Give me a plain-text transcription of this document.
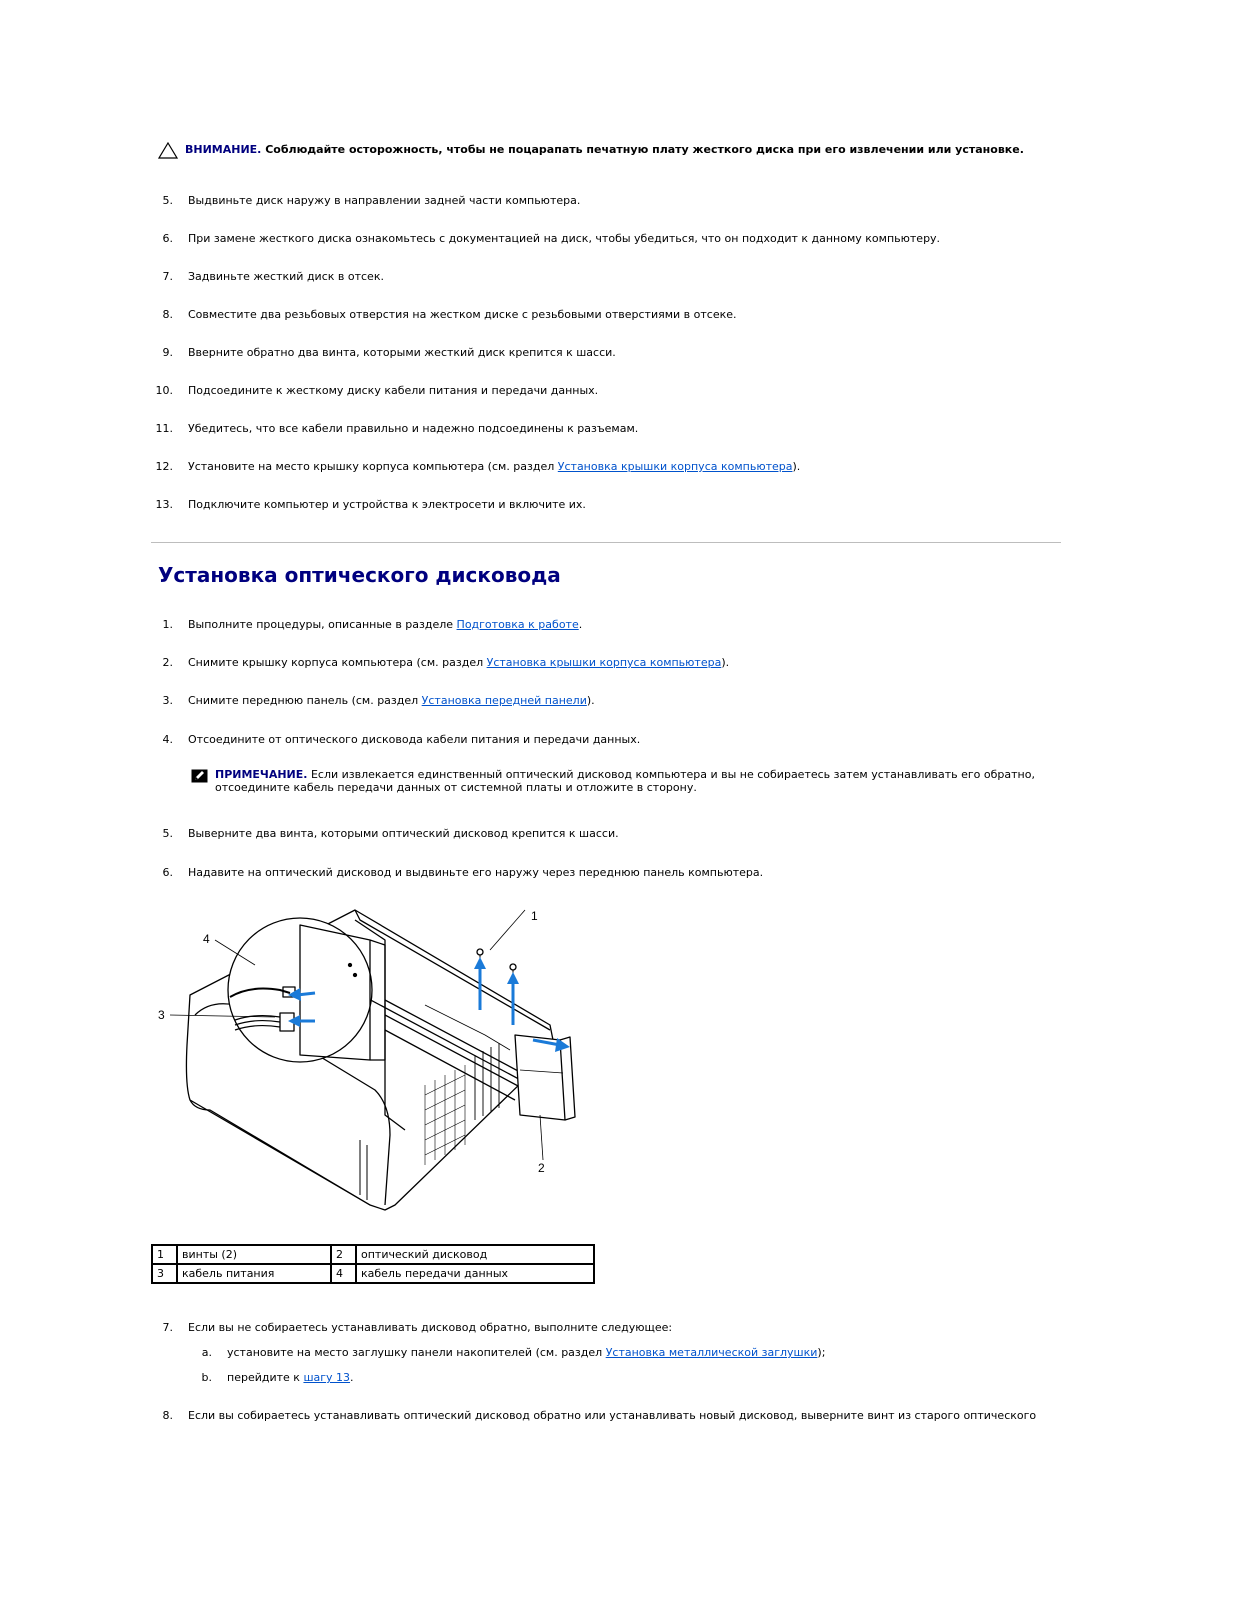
ВНИМАНИЕ. Соблюдайте осторожность, чтобы не поцарапать печатную плату жесткого диска при его извлечении или установке.
5. Выдвиньте диск наружу в направлении задней части компьютера.
6. При замене жесткого диска ознакомьтесь с документацией на диск, чтобы убедиться, что он подходит к данному компьютеру.
7. Задвиньте жесткий диск в отсек.
8. Совместите два резьбовых отверстия на жестком диске с резьбовыми отверстиями в отсеке.
9. Вверните обратно два винта, которыми жесткий диск крепится к шасси.
10. Подсоедините к жесткому диску кабели питания и передачи данных.
11. Убедитесь, что все кабели правильно и надежно подсоединены к разъемам.
12. Установите на место крышку корпуса компьютера (см. раздел Установка крышки корпуса компьютера).
13. Подключите компьютер и устройства к электросети и включите их.
Установка оптического дисковода
1. Выполните процедуры, описанные в разделе Подготовка к работе.
2. Снимите крышку корпуса компьютера (см. раздел Установка крышки корпуса компьютера).
3. Снимите переднюю панель (см. раздел Установка передней панели).
4. Отсоедините от оптического дисковода кабели питания и передачи данных.
ПРИМЕЧАНИЕ. Если извлекается единственный оптический дисковод компьютера и вы не собираетесь затем устанавливать его обратно, отсоедините кабель передачи данных от системной платы и отложите в сторону.
5. Выверните два винта, которыми оптический дисковод крепится к шасси.
6. Надавите на оптический дисковод и выдвиньте его наружу через переднюю панель компьютера.
1
2
3
4
1	винты (2)	2	оптический дисковод
3	кабель питания	4	кабель передачи данных
7. Если вы не собираетесь устанавливать дисковод обратно, выполните следующее:
a. установите на место заглушку панели накопителей (см. раздел Установка металлической заглушки);
b. перейдите к шагу 13.
8. Если вы собираетесь устанавливать оптический дисковод обратно или устанавливать новый дисковод, выверните винт из старого оптического
